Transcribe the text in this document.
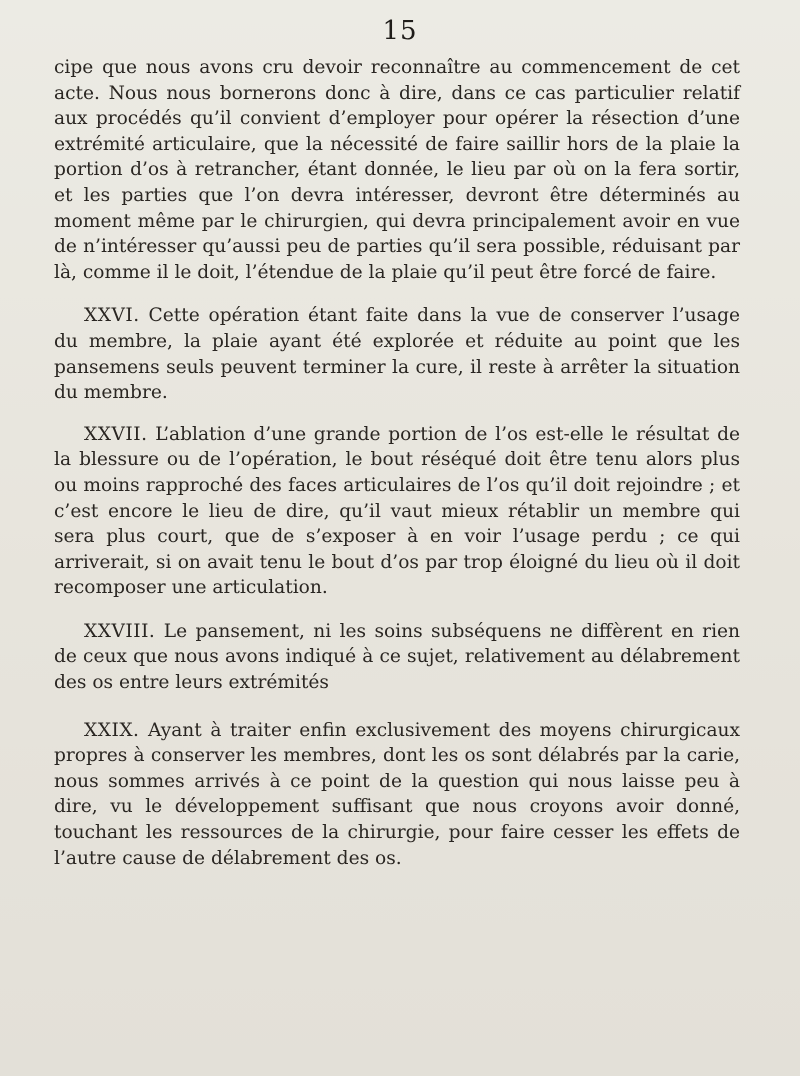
15

cipe que nous avons cru devoir reconnaître au commencement de cet acte. Nous nous bornerons donc à dire, dans ce cas particulier relatif aux procédés qu’il convient d’employer pour opérer la résection d’une extrémité articulaire, que la nécessité de faire saillir hors de la plaie la portion d’os à retrancher, étant donnée, le lieu par où on la fera sortir, et les parties que l’on devra intéresser, devront être déterminés au moment même par le chirurgien, qui devra principalement avoir en vue de n’intéresser qu’aussi peu de parties qu’il sera possible, réduisant par là, comme il le doit, l’étendue de la plaie qu’il peut être forcé de faire.

XXVI. Cette opération étant faite dans la vue de conserver l’usage du membre, la plaie ayant été explorée et réduite au point que les pansemens seuls peuvent terminer la cure, il reste à arrêter la situation du membre.

XXVII. L’ablation d’une grande portion de l’os est-elle le résultat de la blessure ou de l’opération, le bout réséqué doit être tenu alors plus ou moins rapproché des faces articulaires de l’os qu’il doit rejoindre ; et c’est encore le lieu de dire, qu’il vaut mieux rétablir un membre qui sera plus court, que de s’exposer à en voir l’usage perdu ; ce qui arriverait, si on avait tenu le bout d’os par trop éloigné du lieu où il doit recomposer une articulation.

XXVIII. Le pansement, ni les soins subséquens ne diffèrent en rien de ceux que nous avons indiqué à ce sujet, relativement au délabrement des os entre leurs extrémités

XXIX. Ayant à traiter enfin exclusivement des moyens chirurgicaux propres à conserver les membres, dont les os sont délabrés par la carie, nous sommes arrivés à ce point de la question qui nous laisse peu à dire, vu le développement suffisant que nous croyons avoir donné, touchant les ressources de la chirurgie, pour faire cesser les effets de l’autre cause de délabrement des os.
